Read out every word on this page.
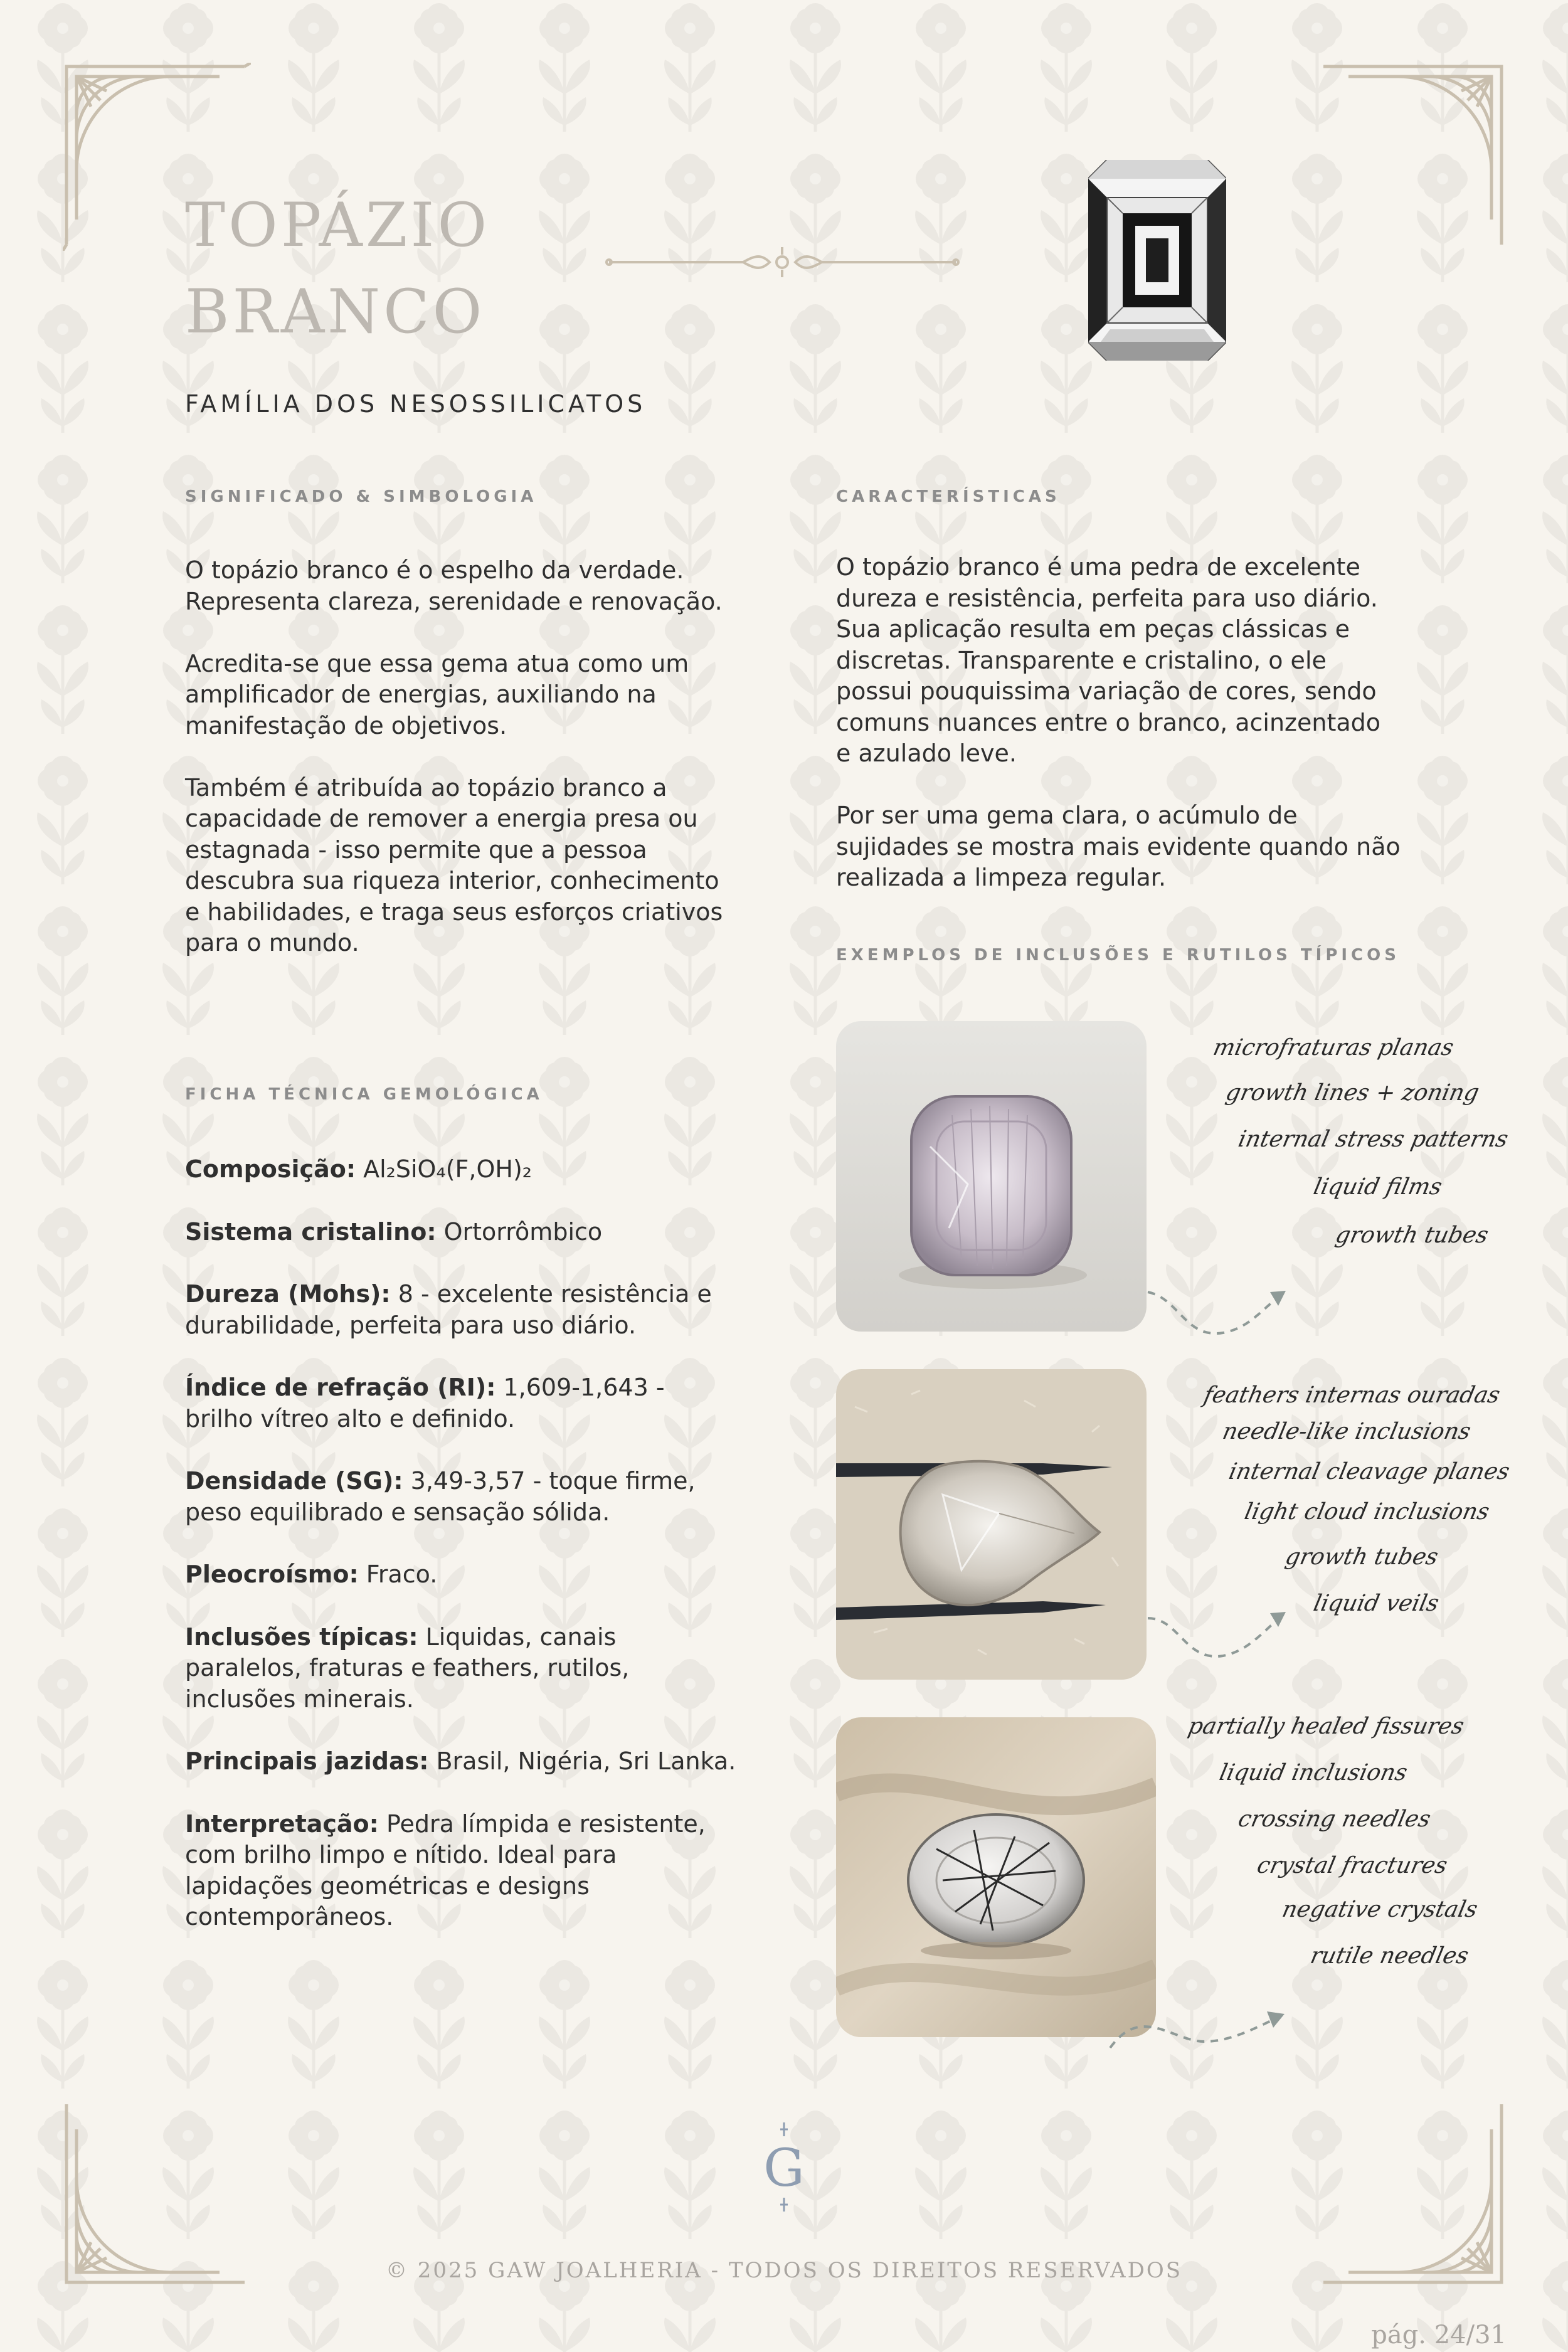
TOPÁZIO
BRANCO
FAMÍLIA DOS NESOSSILICATOS
SIGNIFICADO & SIMBOLOGIA	CARACTERÍSTICAS
EXEMPLOS DE INCLUSÕES E RUTILOS TÍPICOS
FICHA TÉCNICA GEMOLÓGICA

O topázio branco é o espelho da verdade. Representa clareza, serenidade e renovação.

Acredita-se que essa gema atua como um amplificador de energias, auxiliando na manifestação de objetivos.

Também é atribuída ao topázio branco a capacidade de remover a energia presa ou estagnada - isso permite que a pessoa descubra sua riqueza interior, conhecimento e habilidades, e traga seus esforços criativos para o mundo.

O topázio branco é uma pedra de excelente dureza e resistência, perfeita para uso diário. Sua aplicação resulta em peças clássicas e discretas. Transparente e cristalino, o ele possui pouquissima variação de cores, sendo comuns nuances entre o branco, acinzentado e azulado leve.

Por ser uma gema clara, o acúmulo de sujidades se mostra mais evidente quando não realizada a limpeza regular.

Composição: Al₂SiO₄(F,OH)₂

Sistema cristalino: Ortorrômbico

Dureza (Mohs): 8 - excelente resistência e durabilidade, perfeita para uso diário.

Índice de refração (RI): 1,609-1,643 - brilho vítreo alto e definido.

Densidade (SG): 3,49-3,57 - toque firme, peso equilibrado e sensação sólida.

Pleocroísmo: Fraco.

Inclusões típicas: Liquidas, canais paralelos, fraturas e feathers, rutilos, inclusões minerais.

Principais jazidas: Brasil, Nigéria, Sri Lanka.

Interpretação: Pedra límpida e resistente, com brilho limpo e nítido. Ideal para lapidações geométricas e designs contemporâneos.

microfraturas planas
growth lines + zoning
internal stress patterns
liquid films
growth tubes
feathers internas ouradas
needle-like inclusions
internal cleavage planes
light cloud inclusions
growth tubes
liquid veils
partially healed fissures
liquid inclusions
crossing needles
crystal fractures
negative crystals
rutile needles
G
© 2025 GAW JOALHERIA - TODOS OS DIREITOS RESERVADOS
pág. 24/31
